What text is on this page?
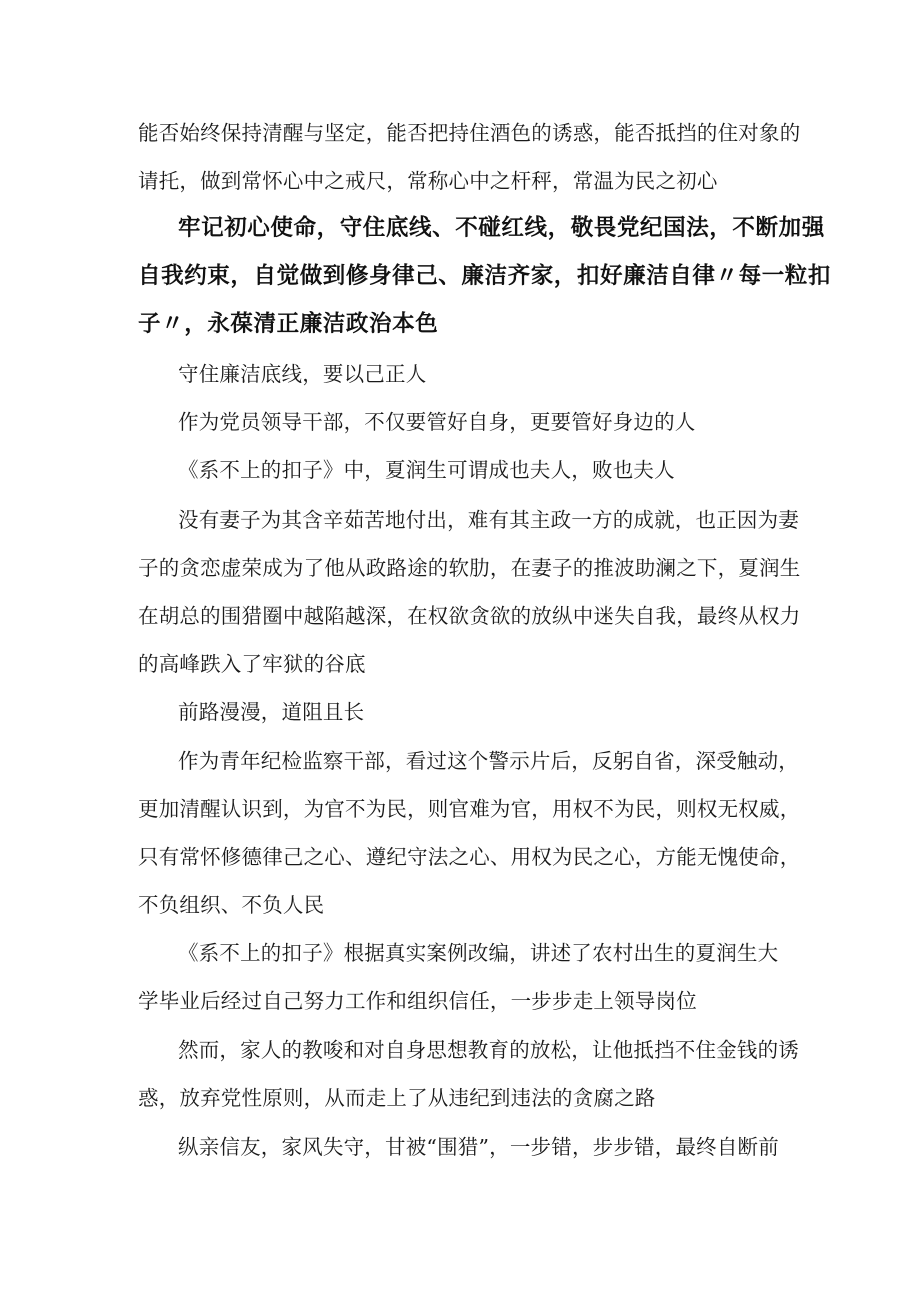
能否始终保持清醒与坚定，能否把持住酒色的诱惑，能否抵挡的住对象的
请托，做到常怀心中之戒尺，常称心中之杆秤，常温为民之初心
牢记初心使命，守住底线、不碰红线，敬畏党纪国法，不断加强
自我约束，自觉做到修身律己、廉洁齐家，扣好廉洁自律〃每一粒扣
子〃，永葆清正廉洁政治本色
守住廉洁底线，要以己正人
作为党员领导干部，不仅要管好自身，更要管好身边的人
《系不上的扣子》中，夏润生可谓成也夫人，败也夫人
没有妻子为其含辛茹苦地付出，难有其主政一方的成就，也正因为妻
子的贪恋虚荣成为了他从政路途的软肋，在妻子的推波助澜之下，夏润生
在胡总的围猎圈中越陷越深，在权欲贪欲的放纵中迷失自我，最终从权力
的高峰跌入了牢狱的谷底
前路漫漫，道阻且长
作为青年纪检监察干部，看过这个警示片后，反躬自省，深受触动，
更加清醒认识到，为官不为民，则官难为官，用权不为民，则权无权威，
只有常怀修德律己之心、遵纪守法之心、用权为民之心，方能无愧使命，
不负组织、不负人民
《系不上的扣子》根据真实案例改编，讲述了农村出生的夏润生大
学毕业后经过自己努力工作和组织信任，一步步走上领导岗位
然而，家人的教唆和对自身思想教育的放松，让他抵挡不住金钱的诱
惑，放弃党性原则，从而走上了从违纪到违法的贪腐之路
纵亲信友，家风失守，甘被“围猎”，一步错，步步错，最终自断前
